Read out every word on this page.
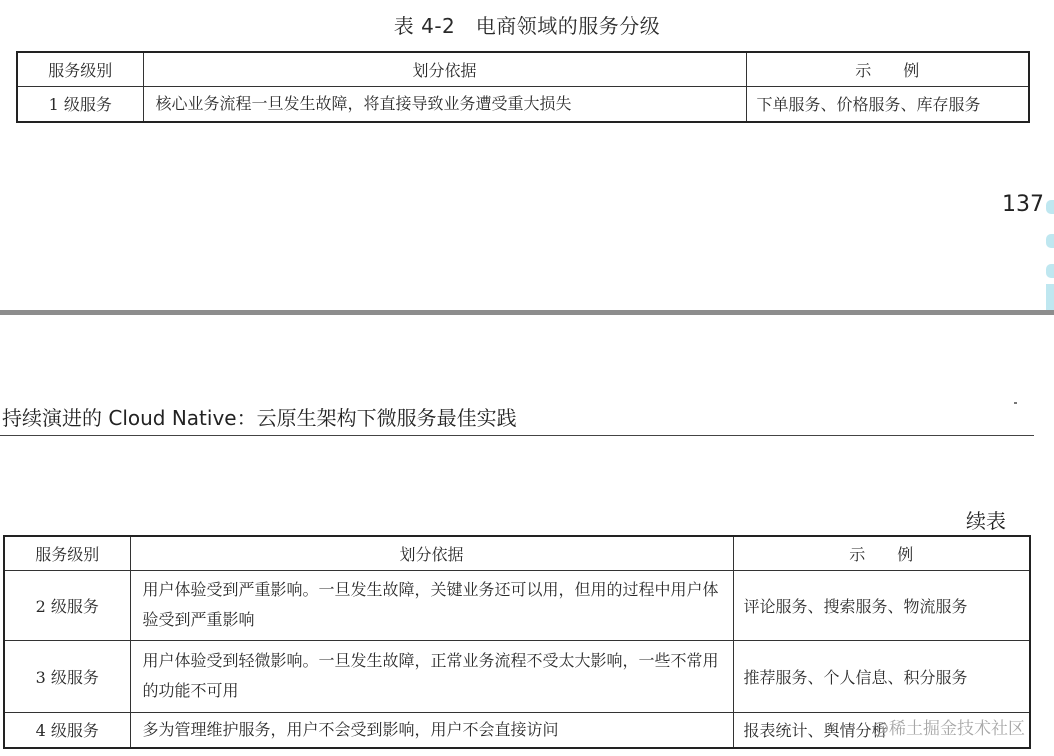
表 4-2　电商领域的服务分级
服务级别	划分依据	示　　例
1 级服务	核心业务流程一旦发生故障，将直接导致业务遭受重大损失	下单服务、价格服务、库存服务
137
持续演进的 Cloud Native：云原生架构下微服务最佳实践
续表
服务级别	划分依据	示　　例
2 级服务	用户体验受到严重影响。一旦发生故障，关键业务还可以用，但用的过程中用户体验受到严重影响	评论服务、搜索服务、物流服务
3 级服务	用户体验受到轻微影响。一旦发生故障，正常业务流程不受太大影响，一些不常用的功能不可用	推荐服务、个人信息、积分服务
4 级服务	多为管理维护服务，用户不会受到影响，用户不会直接访问	报表统计、舆情分析
@稀土掘金技术社区
